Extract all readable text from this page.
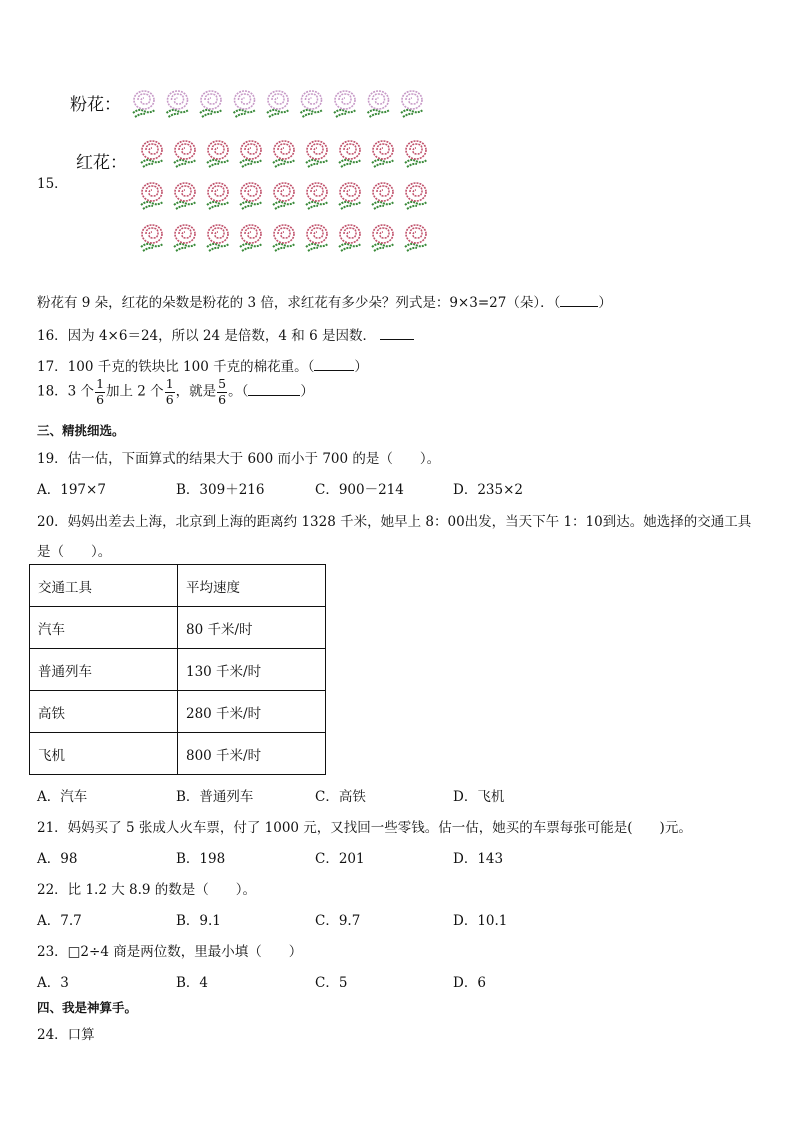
粉花：
红花：
15．
粉花有 9 朵，红花的朵数是粉花的 3 倍，求红花有多少朵？列式是：9×3=27（朵）．（	）
16．因为 4×6＝24，所以 24 是倍数，4 和 6 是因数．
17．100 千克的铁块比 100 千克的棉花重。（	）
18．3 个 $\frac{1}{6}$ 加上 2 个 $\frac{1}{6}$ ，就是 $\frac{5}{6}$ 。（	）
三、精挑细选。
19．估一估，下面算式的结果大于 600 而小于 700 的是（　　）。
A．197×7	B．309＋216	C．900－214	D．235×2
20．妈妈出差去上海，北京到上海的距离约 1328 千米，她早上 8：00出发，当天下午 1：10到达。她选择的交通工具
是（　　）。
交通工具	平均速度
汽车	80 千米/时
普通列车	130 千米/时
高铁	280 千米/时
飞机	800 千米/时
A．汽车	B．普通列车	C．高铁	D．飞机
21．妈妈买了 5 张成人火车票，付了 1000 元，又找回一些零钱。估一估，她买的车票每张可能是(　　)元。
A．98	B．198	C．201	D．143
22．比 1.2 大 8.9 的数是（　　）。
A．7.7	B．9.1	C．9.7	D．10.1
23．□2÷4 商是两位数，里最小填（　　）
A．3	B．4	C．5	D．6
四、我是神算手。
24．口算
